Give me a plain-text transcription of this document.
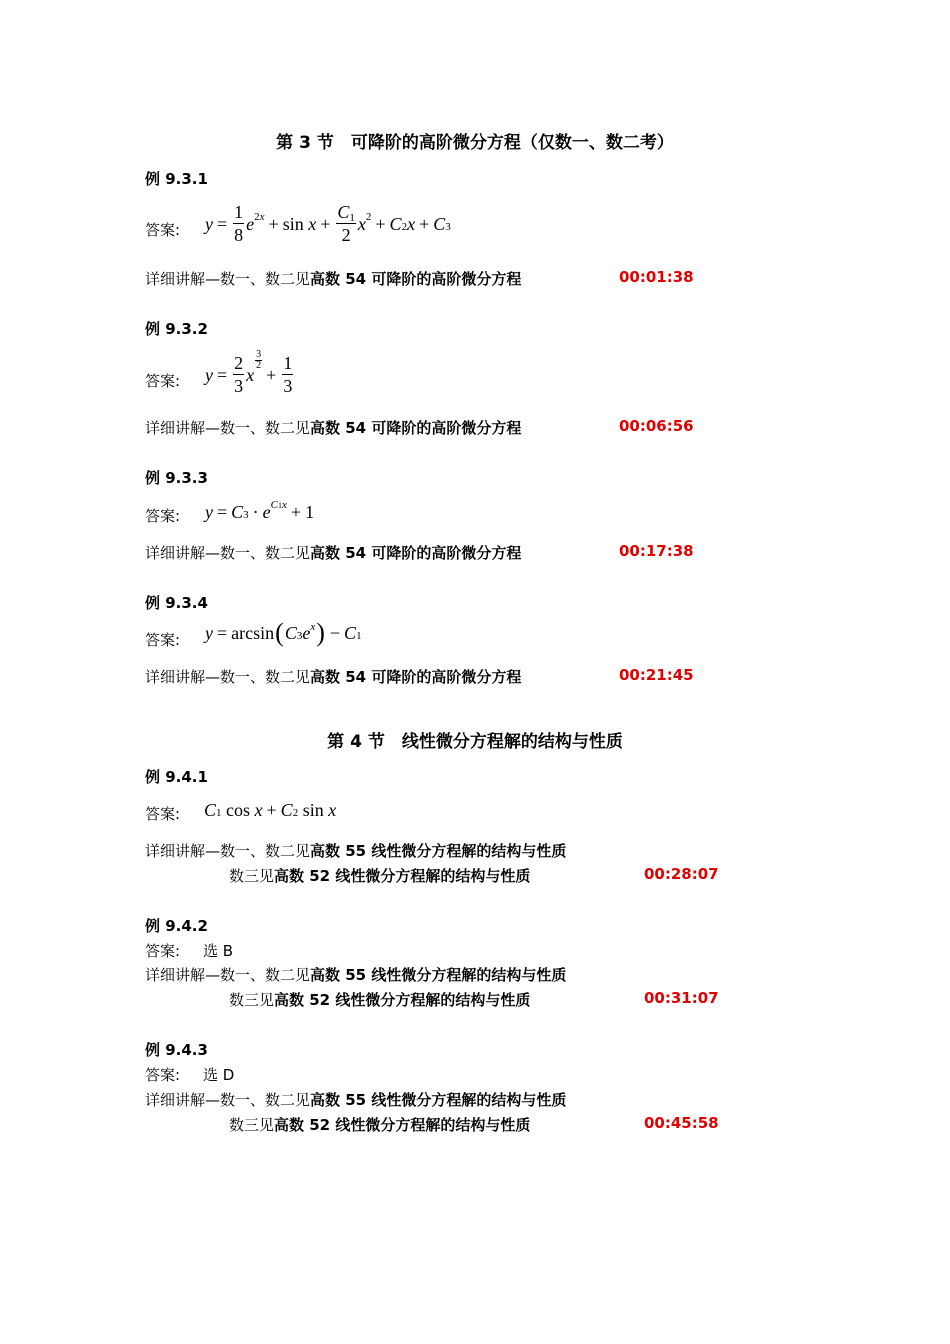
第 3 节　可降阶的高阶微分方程（仅数一、数二考）
例 9.3.1
答案: $y = \frac{1}{8} e^{2x} + \sin x + \frac{C_1}{2} x^2 + C_2$ $x + C_3$
详细讲解—数一、数二见高数 54 可降阶的高阶微分方程	00:01:38
例 9.3.2
答案: $y = \frac{2}{3}$ x
3
$2 + \frac{1}{3}$
详细讲解—数一、数二见高数 54 可降阶的高阶微分方程	00:06:56
例 9.3.3
答案: $y = C_3 \cdot e$ $^{C1x}$ + 1
详细讲解—数一、数二见高数 54 可降阶的高阶微分方程	00:17:38
例 9.3.4
答案: y = arcsin ( $C_3$ e $^x$ ) − $C_1$
详细讲解—数一、数二见高数 54 可降阶的高阶微分方程	00:21:45
第 4 节　线性微分方程解的结构与性质
例 9.4.1
答案: $C_1$ $\cos x + C_2$ sin x
详细讲解—数一、数二见高数 55 线性微分方程解的结构与性质
数三见高数 52 线性微分方程解的结构与性质	00:28:07
例 9.4.2
答案: 选 B
详细讲解—数一、数二见高数 55 线性微分方程解的结构与性质
数三见高数 52 线性微分方程解的结构与性质	00:31:07
例 9.4.3
答案: 选 D
详细讲解—数一、数二见高数 55 线性微分方程解的结构与性质
数三见高数 52 线性微分方程解的结构与性质	00:45:58
